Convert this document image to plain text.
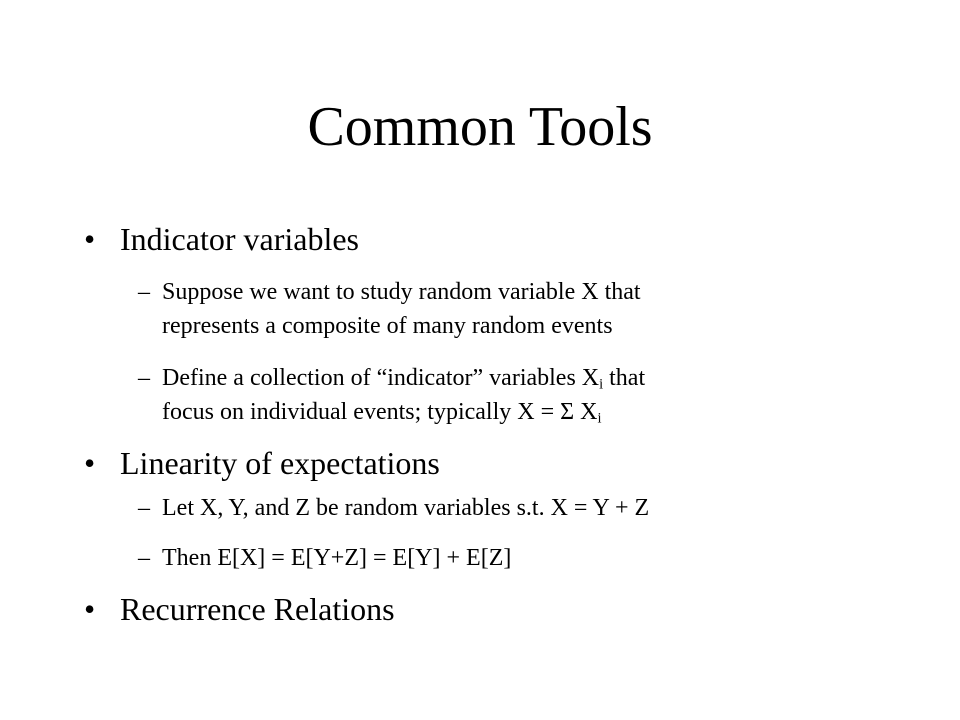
Common Tools
• Indicator variables
– Suppose we want to study random variable X that
represents a composite of many random events
– Define a collection of “indicator” variables $X_i$ that
focus on individual events; typically X = Σ $X_i$
• Linearity of expectations
– Let X, Y, and Z be random variables s.t. X = Y + Z
– Then E[X] = E[Y+Z] = E[Y] + E[Z]
• Recurrence Relations
